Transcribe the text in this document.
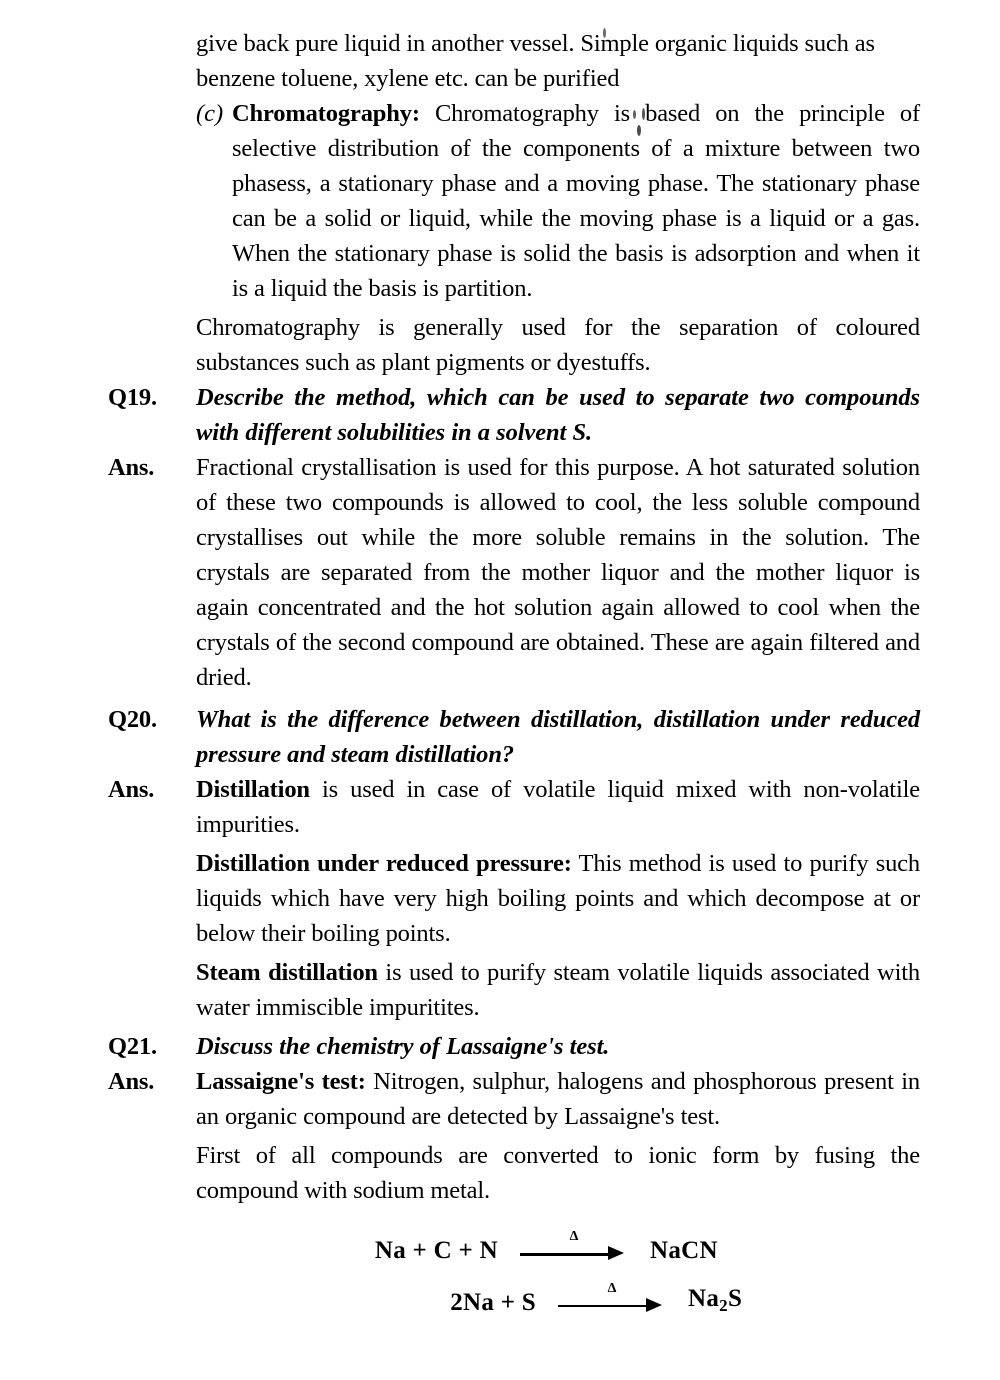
give back pure liquid in another vessel. Simple organic liquids such as benzene toluene, xylene etc. can be purified
(c) Chromatography: Chromatography is based on the principle of selective distribution of the components of a mixture between two phasess, a stationary phase and a moving phase. The stationary phase can be a solid or liquid, while the moving phase is a liquid or a gas. When the stationary phase is solid the basis is adsorption and when it is a liquid the basis is partition.
Chromatography is generally used for the separation of coloured substances such as plant pigments or dyestuffs.
Q19.	Describe the method, which can be used to separate two compounds with different solubilities in a solvent S.
Ans.	Fractional crystallisation is used for this purpose. A hot saturated solution of these two compounds is allowed to cool, the less soluble compound crystallises out while the more soluble remains in the solution. The crystals are separated from the mother liquor and the mother liquor is again concentrated and the hot solution again allowed to cool when the crystals of the second compound are obtained. These are again filtered and dried.
Q20.	What is the difference between distillation, distillation under reduced pressure and steam distillation?
Ans.	Distillation is used in case of volatile liquid mixed with non-volatile impurities.
Distillation under reduced pressure: This method is used to purify such liquids which have very high boiling points and which decompose at or below their boiling points.
Steam distillation is used to purify steam volatile liquids associated with water immiscible impuritites.
Q21.	Discuss the chemistry of Lassaigne's test.
Ans.	Lassaigne's test: Nitrogen, sulphur, halogens and phosphorous present in an organic compound are detected by Lassaigne's test.
First of all compounds are converted to ionic form by fusing the compound with sodium metal.
Na + C + N
Δ
NaCN
2Na + S
Δ	$Na_2S$
